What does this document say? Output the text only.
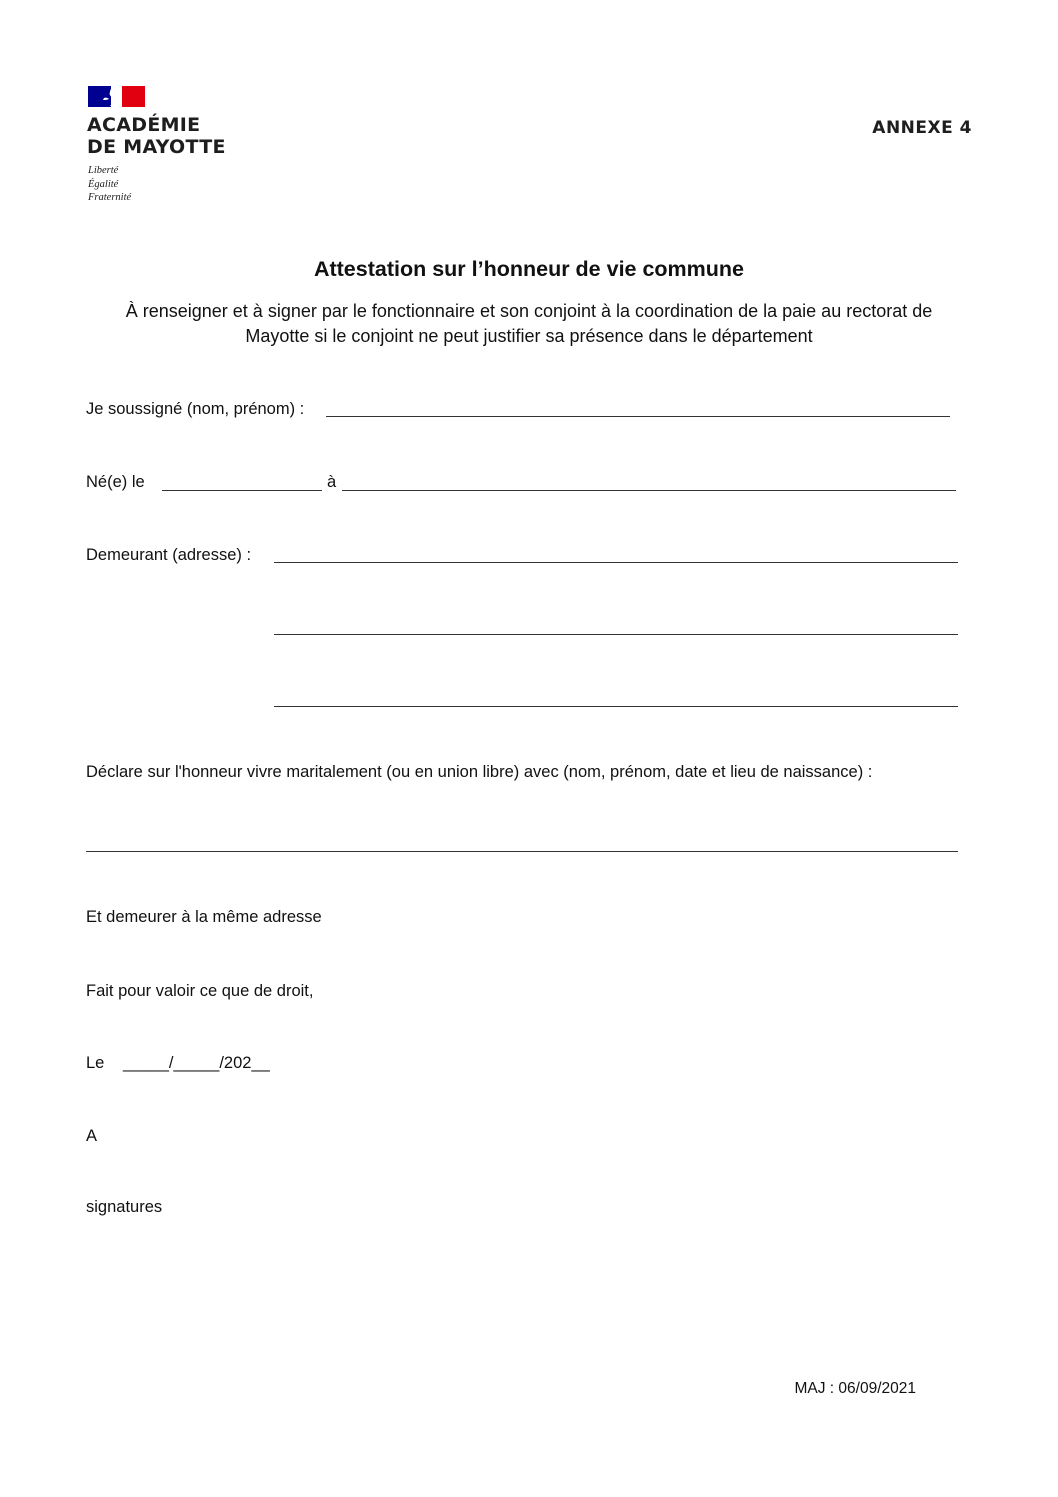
ACADÉMIE
DE MAYOTTE
Liberté
Égalité
Fraternité
ANNEXE 4
Attestation sur l’honneur de vie commune
À renseigner et à signer par le fonctionnaire et son conjoint à la coordination de la paie au rectorat de
Mayotte si le conjoint ne peut justifier sa présence dans le département
Je soussigné (nom, prénom) :
Né(e) le	à
Demeurant (adresse) :
Déclare sur l'honneur vivre maritalement (ou en union libre) avec (nom, prénom, date et lieu de naissance) :
Et demeurer à la même adresse
Fait pour valoir ce que de droit,
Le _____/_____/202__
A
signatures
MAJ : 06/09/2021
